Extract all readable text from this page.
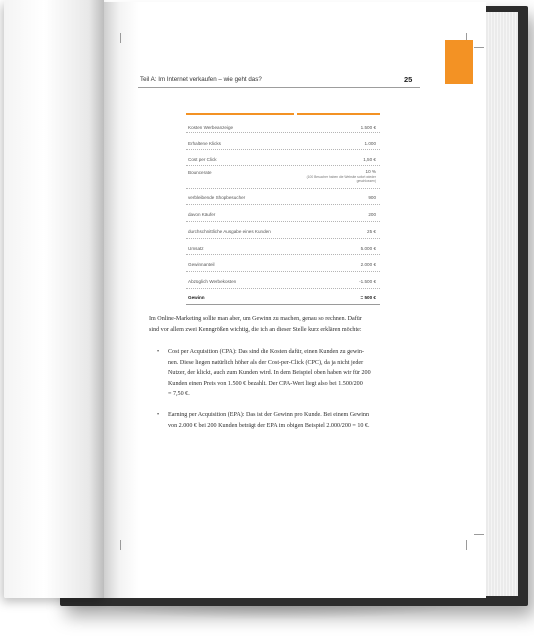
Teil A: Im Internet verkaufen – wie geht das?	25
Kosten Werbeanzeige	1.500 €
Erhaltene Klicks	1.000
Cost per Click	1,50 €
Bouncerate	10 %
(100 Besucher haben die Website sofort wieder geschlossen)
verbleibende Shopbesucher	900
davon Käufer	200
durchschnittliche Ausgabe eines Kunden	25 €
Umsatz	5.000 €
Gewinnanteil	2.000 €
Abzüglich Werbekosten	-1.500 €
Gewinn	= 500 €
Im Online-Marketing sollte man aber, um Gewinn zu machen, genau so rechnen. Dafür
sind vor allem zwei Kenngrößen wichtig, die ich an dieser Stelle kurz erklären möchte:
• Cost per Acquisition (CPA): Das sind die Kosten dafür, einen Kunden zu gewin-
nen. Diese liegen natürlich höher als der Cost-per-Click (CPC), da ja nicht jeder
Nutzer, der klickt, auch zum Kunden wird. In dem Beispiel oben haben wir für 200
Kunden einen Preis von 1.500 € bezahlt. Der CPA-Wert liegt also bei 1.500/200
= 7,50 €.
• Earning per Acquisition (EPA): Das ist der Gewinn pro Kunde. Bei einem Gewinn
von 2.000 € bei 200 Kunden beträgt der EPA im obigen Beispiel 2.000/200 = 10 €.
